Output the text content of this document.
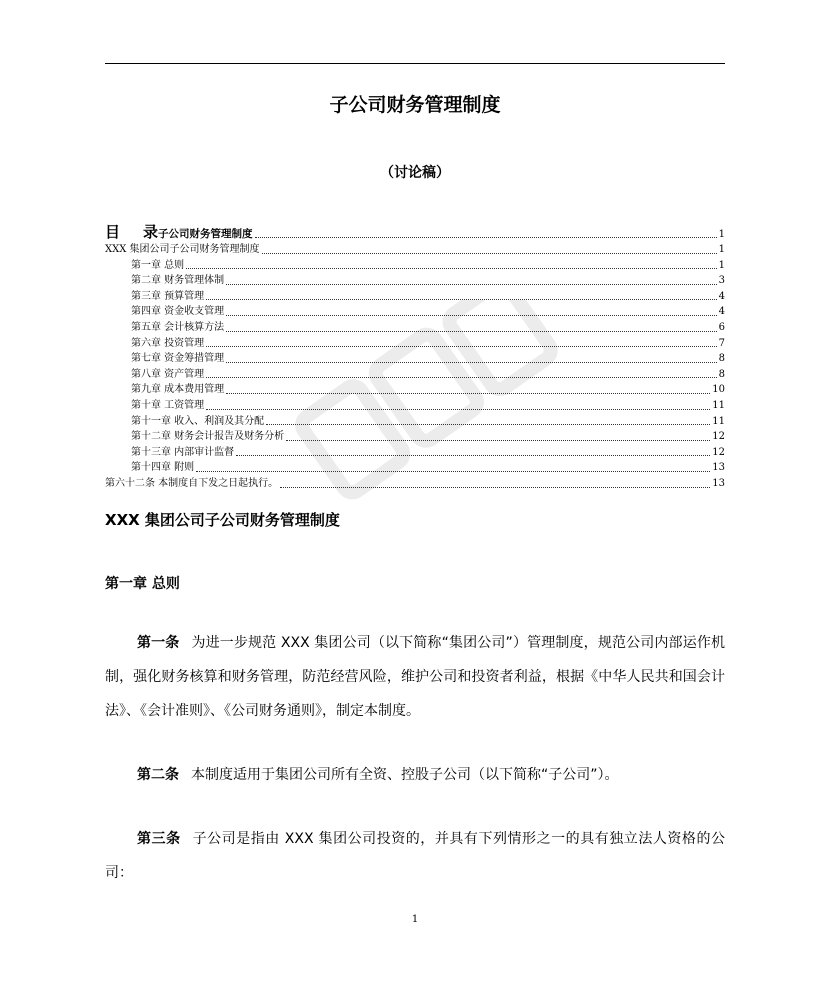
子公司财务管理制度
（讨论稿）
目	录 子公司财务管理制度	1
XXX 集团公司子公司财务管理制度	1
第一章 总则	1
第二章 财务管理体制	3
第三章 预算管理	4
第四章 资金收支管理	4
第五章 会计核算方法	6
第六章 投资管理	7
第七章 资金筹措管理	8
第八章 资产管理	8
第九章 成本费用管理	10
第十章 工资管理	11
第十一章 收入、利润及其分配	11
第十二章 财务会计报告及财务分析	12
第十三章 内部审计监督	12
第十四章 附则	13
第六十二条 本制度自下发之日起执行。	13
XXX 集团公司子公司财务管理制度
第一章 总则
第一条 为进一步规范 XXX 集团公司（以下简称“集团公司”）管理制度，规范公司内部运作机制，强化财务核算和财务管理，防范经营风险，维护公司和投资者利益，根据《中华人民共和国会计法》、《会计准则》、《公司财务通则》，制定本制度。
第二条 本制度适用于集团公司所有全资、控股子公司（以下简称“子公司”）。
第三条 子公司是指由 XXX 集团公司投资的，并具有下列情形之一的具有独立法人资格的公司：
1
